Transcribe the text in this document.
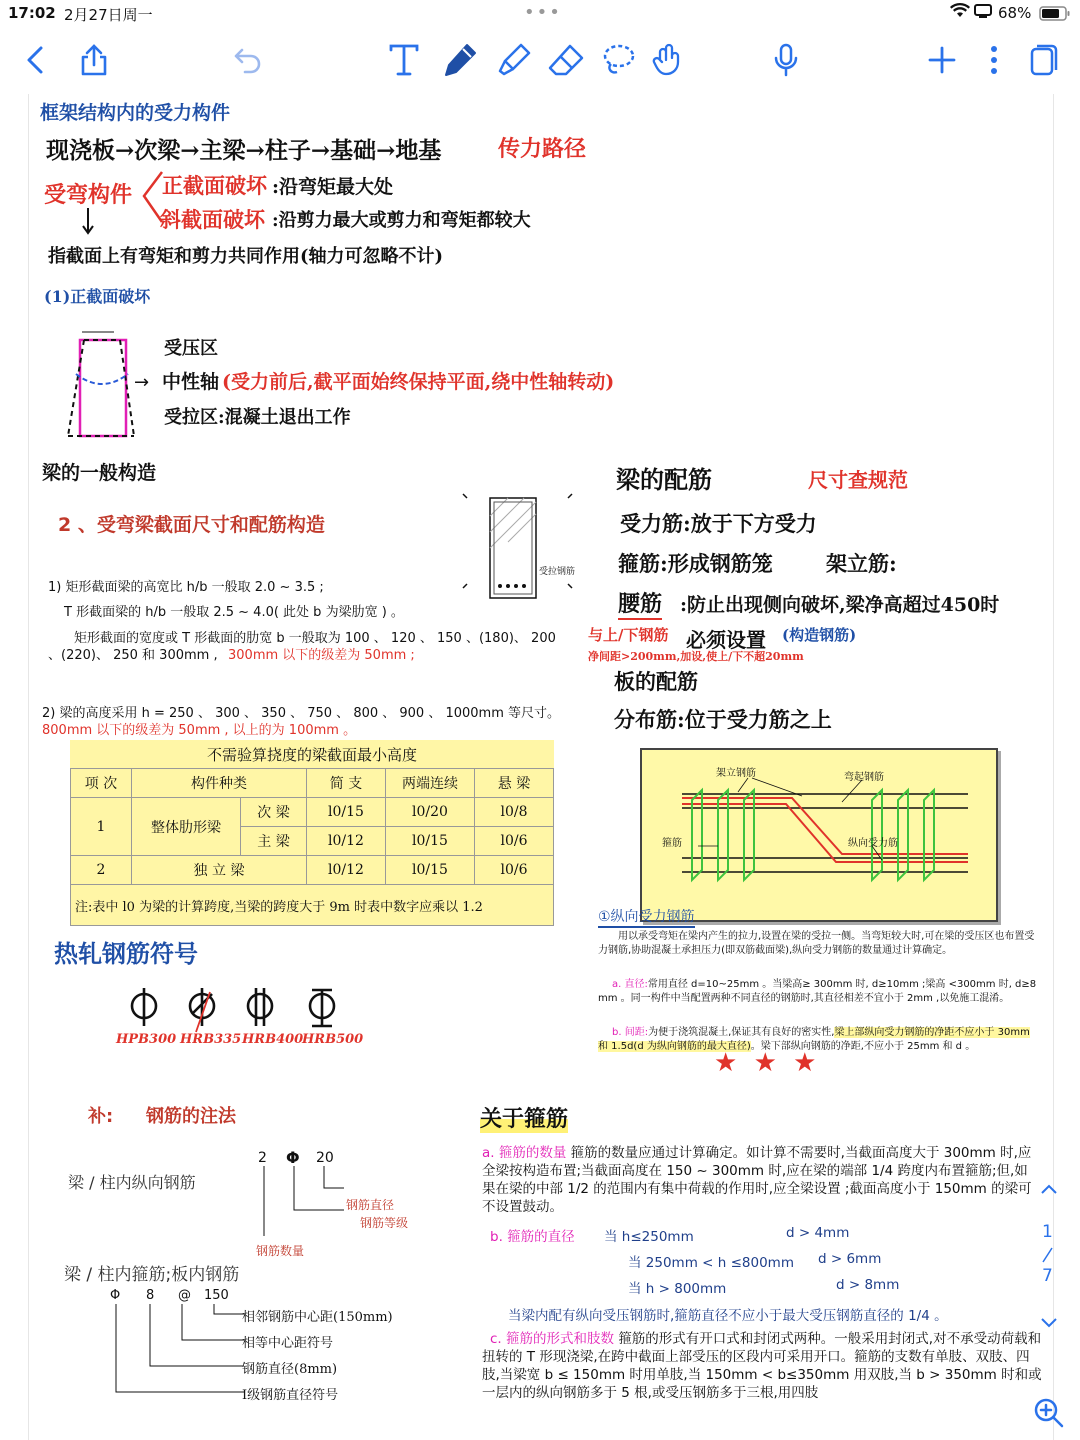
17:02 2月27日周一	•••	68%
框架结构内的受力构件
现浇板→次梁→主梁→柱子→基础→地基	传力路径
受弯构件 正截面破坏 :沿弯矩最大处
斜截面破坏 :沿剪力最大或剪力和弯矩都较大
指截面上有弯矩和剪力共同作用(轴力可忽略不计)
(1)正截面破坏
受压区
→ 中性轴 (受力前后,截平面始终保持平面,绕中性轴转动)
受拉区:混凝土退出工作
梁的一般构造
2 、受弯梁截面尺寸和配筋构造
受拉钢筋
1) 矩形截面梁的高宽比 h/b 一般取 2.0 ~ 3.5 ;
T 形截面梁的 h/b 一般取 2.5 ~ 4.0( 此处 b 为梁肋宽 ) 。
矩形截面的宽度或 T 形截面的肋宽 b 一般取为 100 、 120 、 150 、(180)、 200
、(220)、 250 和 300mm , 300mm 以下的级差为 50mm ;
2) 梁的高度采用 h = 250 、 300 、 350 、 750 、 800 、 900 、 1000mm 等尺寸。
800mm 以下的级差为 50mm , 以上的为 100mm 。
不需验算挠度的梁截面最小高度					
项 次	构件种类		简 支	两端连续	悬 梁
1	整体肋形梁	次 梁	l0/15	l0/20	l0/8
		主 梁	l0/12	l0/15	l0/6
2	独 立 梁		l0/12	l0/15	l0/6
注:表中 l0 为梁的计算跨度,当梁的跨度大于 9m 时表中数字应乘以 1.2					
热轧钢筋符号
HPB300 HRB335 HRB400
HRB500
补: 钢筋的注法
梁 / 柱内纵向钢筋
2 Φ 20
钢筋直径
钢筋等级
钢筋数量
梁 / 柱内箍筋;板内钢筋
Φ 8 @ 150
相邻钢筋中心距(150mm)
相等中心距符号
钢筋直径(8mm)
I级钢筋直径符号
梁的配筋	尺寸查规范
受力筋:放于下方受力
箍筋:形成钢筋笼	架立筋:
腰筋 :防止出现侧向破坏,梁净高超过450时
与上/下钢筋 必须设置 (构造钢筋)
净间距>200mm,加设,使上/下不超20mm
板的配筋
分布筋:位于受力筋之上
架立钢筋	弯起钢筋
箍筋	纵向受力筋
①纵向受力钢筋
用以承受弯矩在梁内产生的拉力,设置在梁的受拉一侧。当弯矩较大时,可在梁的受压区也布置受力钢筋,协助混凝土承担压力(即双筋截面梁),纵向受力钢筋的数量通过计算确定。
a. 直径:常用直径 d=10~25mm 。当梁高≥ 300mm 时, d≥10mm ;梁高 <300mm 时, d≥8 mm 。同一构件中当配置两种不同直径的钢筋时,其直径相差不宜小于 2mm ,以免施工混淆。
b. 间距:为便于浇筑混凝土,保证其有良好的密实性,梁上部纵向受力钢筋的净距不应小于 30mm 和 1.5d(d 为纵向钢筋的最大直径)。梁下部纵向钢筋的净距,不应小于 25mm 和 d 。
★ ★ ★
关于箍筋
a. 箍筋的数量 箍筋的数量应通过计算确定。如计算不需要时,当截面高度大于 300mm 时,应全梁按构造布置;当截面高度在 150 ~ 300mm 时,应在梁的端部 1/4 跨度内布置箍筋;但,如果在梁的中部 1/2 的范围内有集中荷载的作用时,应全梁设置 ;截面高度小于 150mm 的梁可不设置鼓动。
b. 箍筋的直径 当 h≤250mm	d > 4mm
当 250mm < h ≤800mm d > 6mm
当 h > 800mm	d > 8mm
当梁内配有纵向受压钢筋时,箍筋直径不应小于最大受压钢筋直径的 1/4 。
c. 箍筋的形式和肢数 箍筋的形式有开口式和封闭式两种。一般采用封闭式,对不承受动荷载和扭转的 T 形现浇梁,在跨中截面上部受压的区段内可采用开口。箍筋的支数有单肢、双肢、四肢,当梁宽 b ≤ 150mm 时用单肢,当 150mm < b≤350mm 用双肢,当 b > 350mm 时和或一层内的纵向钢筋多于 5 根,或受压钢筋多于三根,用四肢
1
7
